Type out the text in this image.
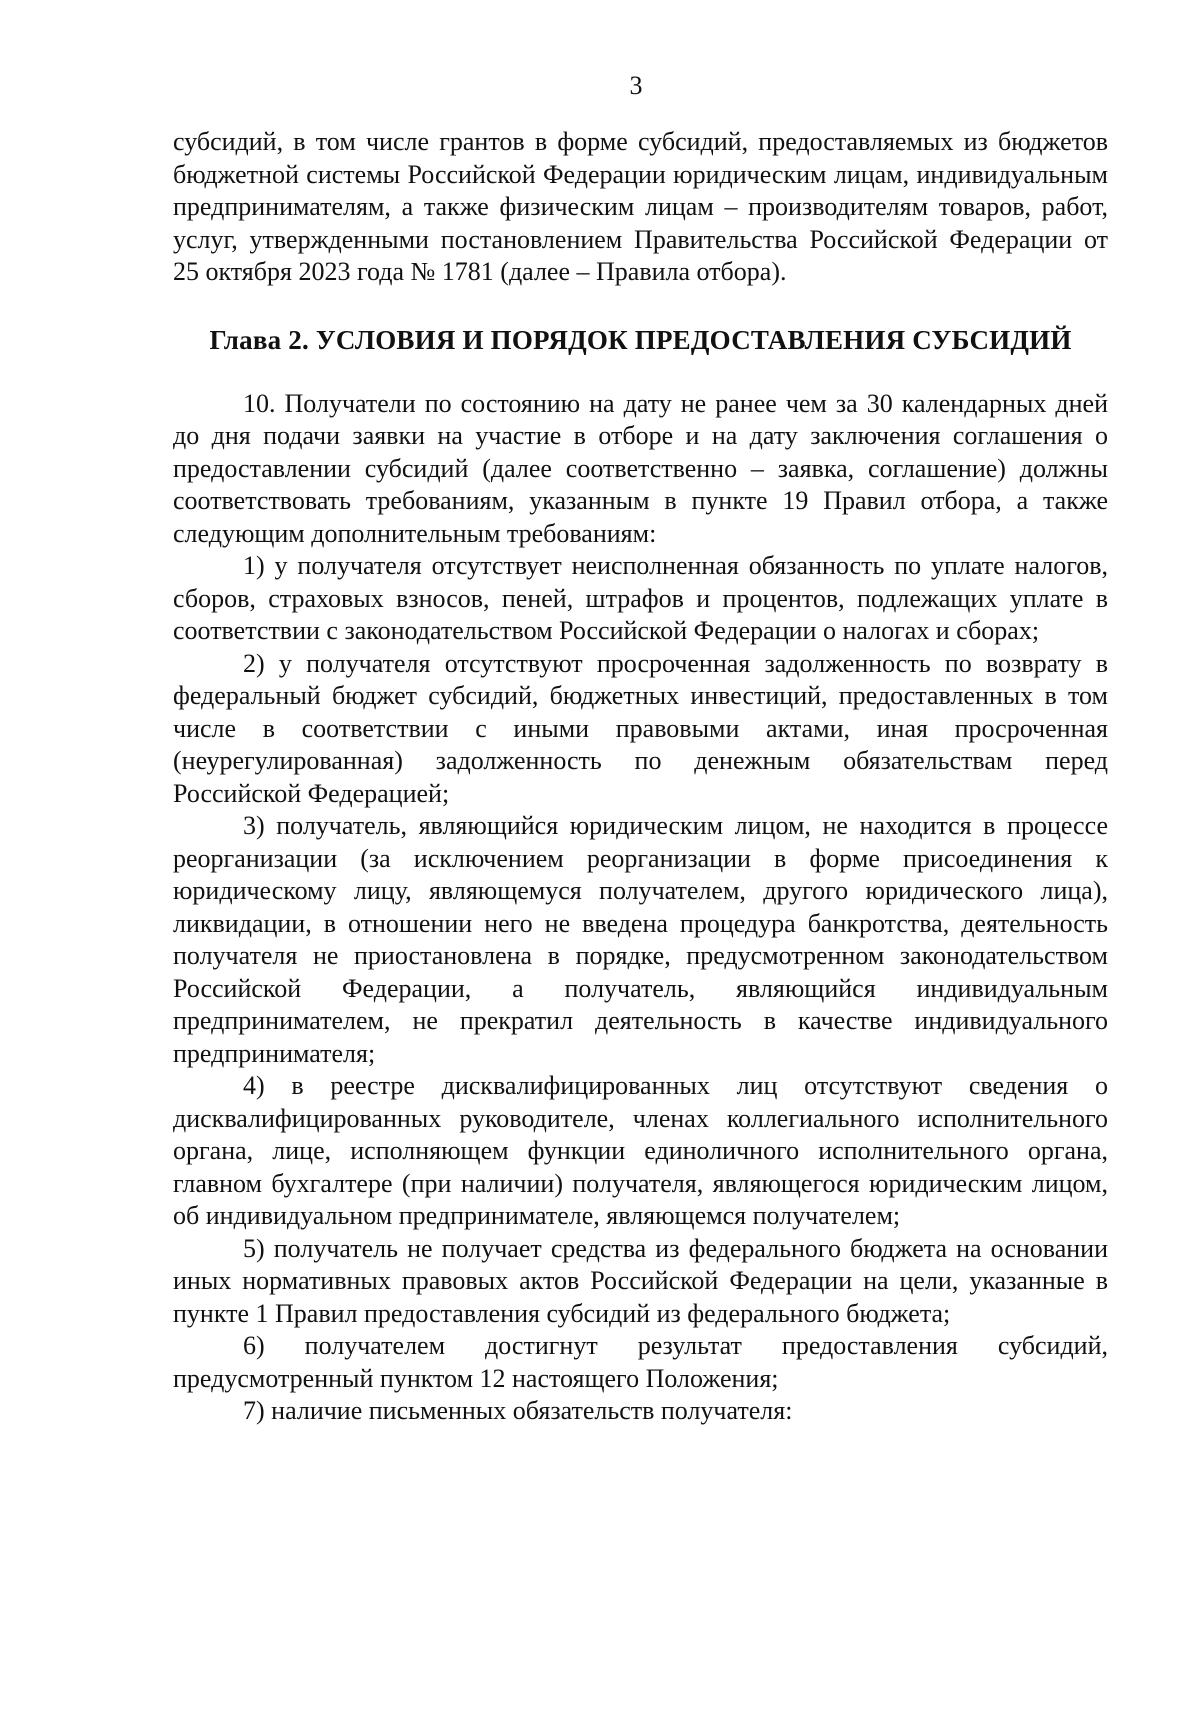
3

субсидий, в том числе грантов в форме субсидий, предоставляемых из бюджетов бюджетной системы Российской Федерации юридическим лицам, индивидуальным предпринимателям, а также физическим лицам – производителям товаров, работ, услуг, утвержденными постановлением Правительства Российской Федерации от 25 октября 2023 года № 1781 (далее – Правила отбора).

Глава 2. УСЛОВИЯ И ПОРЯДОК ПРЕДОСТАВЛЕНИЯ СУБСИДИЙ

10. Получатели по состоянию на дату не ранее чем за 30 календарных дней до дня подачи заявки на участие в отборе и на дату заключения соглашения о предоставлении субсидий (далее соответственно – заявка, соглашение) должны соответствовать требованиям, указанным в пункте 19 Правил отбора, а также следующим дополнительным требованиям:

1) у получателя отсутствует неисполненная обязанность по уплате налогов, сборов, страховых взносов, пеней, штрафов и процентов, подлежащих уплате в соответствии с законодательством Российской Федерации о налогах и сборах;

2) у получателя отсутствуют просроченная задолженность по возврату в федеральный бюджет субсидий, бюджетных инвестиций, предоставленных в том числе в соответствии с иными правовыми актами, иная просроченная (неурегулированная) задолженность по денежным обязательствам перед Российской Федерацией;

3) получатель, являющийся юридическим лицом, не находится в процессе реорганизации (за исключением реорганизации в форме присоединения к юридическому лицу, являющемуся получателем, другого юридического лица), ликвидации, в отношении него не введена процедура банкротства, деятельность получателя не приостановлена в порядке, предусмотренном законодательством Российской Федерации, а получатель, являющийся индивидуальным предпринимателем, не прекратил деятельность в качестве индивидуального предпринимателя;

4) в реестре дисквалифицированных лиц отсутствуют сведения о дисквалифицированных руководителе, членах коллегиального исполнительного органа, лице, исполняющем функции единоличного исполнительного органа, главном бухгалтере (при наличии) получателя, являющегося юридическим лицом, об индивидуальном предпринимателе, являющемся получателем;

5) получатель не получает средства из федерального бюджета на основании иных нормативных правовых актов Российской Федерации на цели, указанные в пункте 1 Правил предоставления субсидий из федерального бюджета;

6) получателем достигнут результат предоставления субсидий, предусмотренный пунктом 12 настоящего Положения;

7) наличие письменных обязательств получателя:
